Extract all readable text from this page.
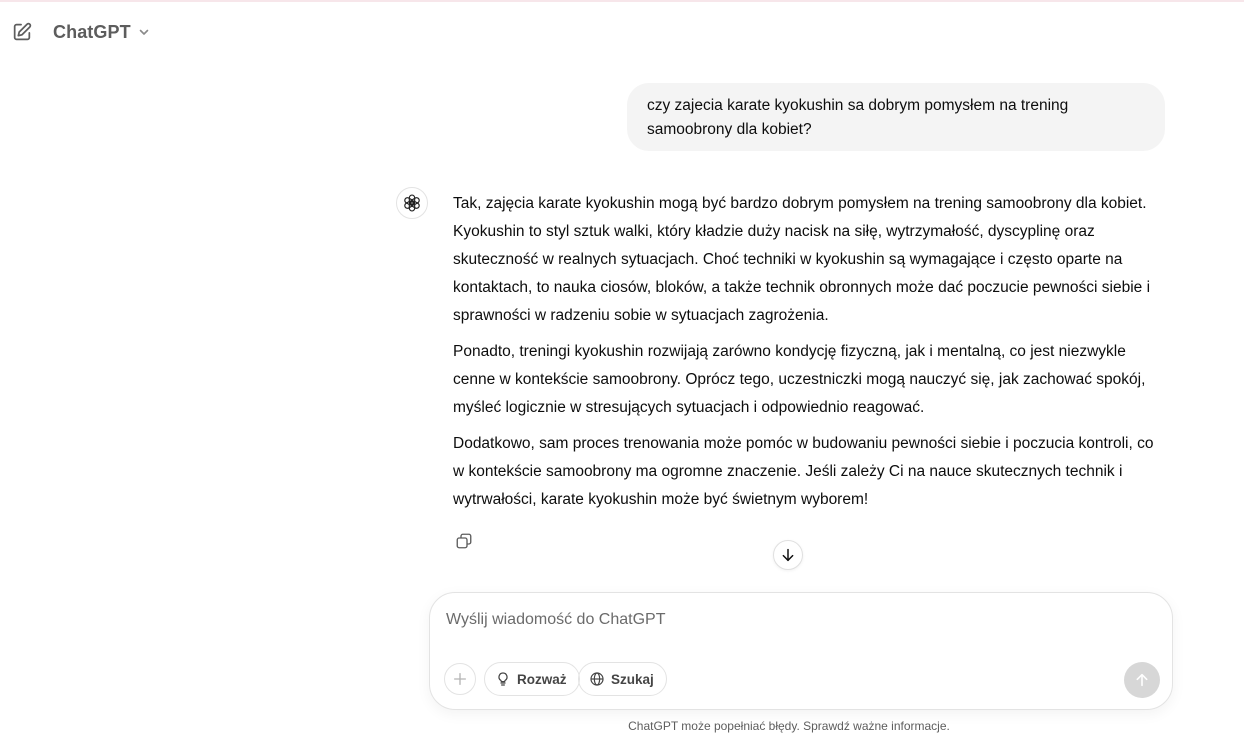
ChatGPT
czy zajecia karate kyokushin sa dobrym pomysłem na trening samoobrony dla kobiet?

Tak, zajęcia karate kyokushin mogą być bardzo dobrym pomysłem na trening samoobrony dla kobiet. Kyokushin to styl sztuk walki, który kładzie duży nacisk na siłę, wytrzymałość, dyscyplinę oraz skuteczność w realnych sytuacjach. Choć techniki w kyokushin są wymagające i często oparte na kontaktach, to nauka ciosów, bloków, a także technik obronnych może dać poczucie pewności siebie i sprawności w radzeniu sobie w sytuacjach zagrożenia.

Ponadto, treningi kyokushin rozwijają zarówno kondycję fizyczną, jak i mentalną, co jest niezwykle cenne w kontekście samoobrony. Oprócz tego, uczestniczki mogą nauczyć się, jak zachować spokój, myśleć logicznie w stresujących sytuacjach i odpowiednio reagować.

Dodatkowo, sam proces trenowania może pomóc w budowaniu pewności siebie i poczucia kontroli, co w kontekście samoobrony ma ogromne znaczenie. Jeśli zależy Ci na nauce skutecznych technik i wytrwałości, karate kyokushin może być świetnym wyborem!

Wyślij wiadomość do ChatGPT
Rozważ	Szukaj
ChatGPT może popełniać błędy. Sprawdź ważne informacje.
